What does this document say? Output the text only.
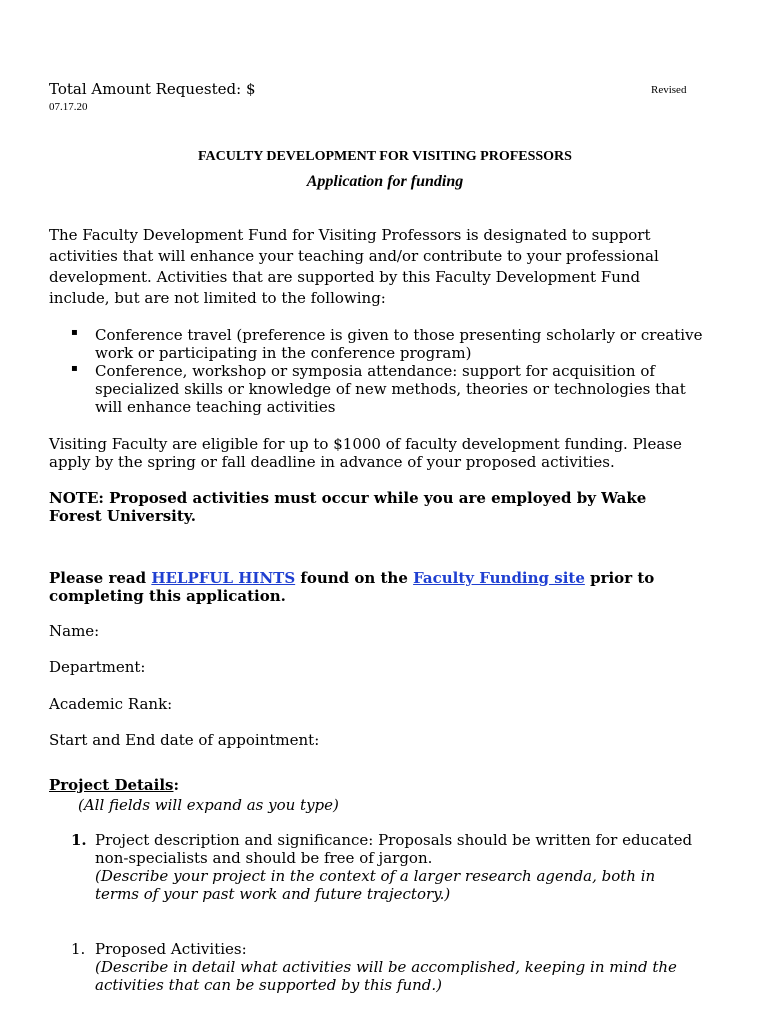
Total Amount Requested: $	Revised
07.17.20
FACULTY DEVELOPMENT FOR VISITING PROFESSORS
Application for funding
The Faculty Development Fund for Visiting Professors is designated to support
activities that will enhance your teaching and/or contribute to your professional
development. Activities that are supported by this Faculty Development Fund
include, but are not limited to the following:
▪ Conference travel (preference is given to those presenting scholarly or creative
work or participating in the conference program)
▪ Conference, workshop or symposia attendance: support for acquisition of
specialized skills or knowledge of new methods, theories or technologies that
will enhance teaching activities
Visiting Faculty are eligible for up to $1000 of faculty development funding. Please
apply by the spring or fall deadline in advance of your proposed activities.
NOTE: Proposed activities must occur while you are employed by Wake
Forest University.
Please read HELPFUL HINTS found on the Faculty Funding site prior to
completing this application.
Name:
Department:
Academic Rank:
Start and End date of appointment:
Project Details:
(All fields will expand as you type)
1. Project description and significance: Proposals should be written for educated
non-specialists and should be free of jargon.
(Describe your project in the context of a larger research agenda, both in
terms of your past work and future trajectory.)
1. Proposed Activities:
(Describe in detail what activities will be accomplished, keeping in mind the
activities that can be supported by this fund.)
